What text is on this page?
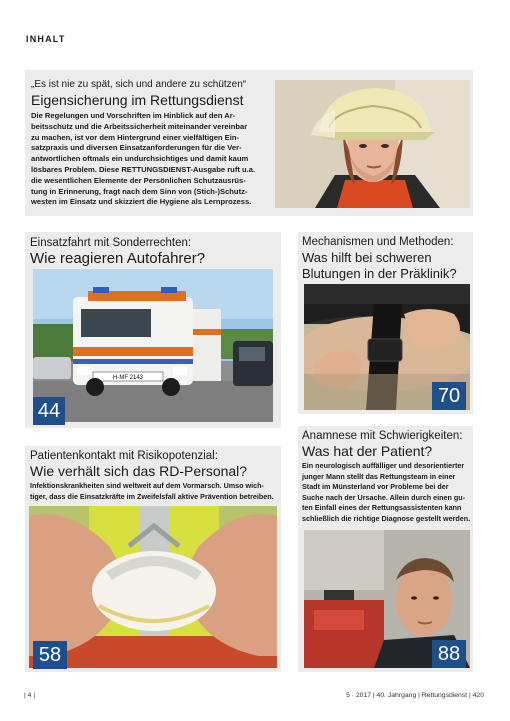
INHALT
„Es ist nie zu spät, sich und andere zu schützen“
Eigensicherung im Rettungsdienst
Die Regelungen und Vorschriften im Hinblick auf den Ar-
beitsschutz und die Arbeitssicherheit miteinander vereinbar
zu machen, ist vor dem Hintergrund einer vielfältigen Ein-
satzpraxis und diversen Einsatzanforderungen für die Ver-
antwortlichen oftmals ein undurchsichtiges und damit kaum
lösbares Problem. Diese RETTUNGSDIENST-Ausgabe ruft u.a.
die wesentlichen Elemente der Persönlichen Schutzausrüs-
tung in Erinnerung, fragt nach dem Sinn von (Stich-)Schutz-
westen im Einsatz und skizziert die Hygiene als Lernprozess.
Einsatzfahrt mit Sonderrechten:
Wie reagieren Autofahrer?
H-MF 2143
44
Mechanismen und Methoden:
Was hilft bei schweren
Blutungen in der Präklinik?
70
Patientenkontakt mit Risikopotenzial:
Wie verhält sich das RD-Personal?
Infektionskrankheiten sind weltweit auf dem Vormarsch. Umso wich-
tiger, dass die Einsatzkräfte im Zweifelsfall aktive Prävention betreiben.
58
Anamnese mit Schwierigkeiten:
Was hat der Patient?
Ein neurologisch auffälliger und desorientierter
junger Mann stellt das Rettungsteam in einer
Stadt im Münsterland vor Probleme bei der
Suche nach der Ursache. Allein durch einen gu-
ten Einfall eines der Rettungsassistenten kann
schließlich die richtige Diagnose gestellt werden.
88
| 4 |	5 · 2017 | 40. Jahrgang | Rettungsdienst | 420
